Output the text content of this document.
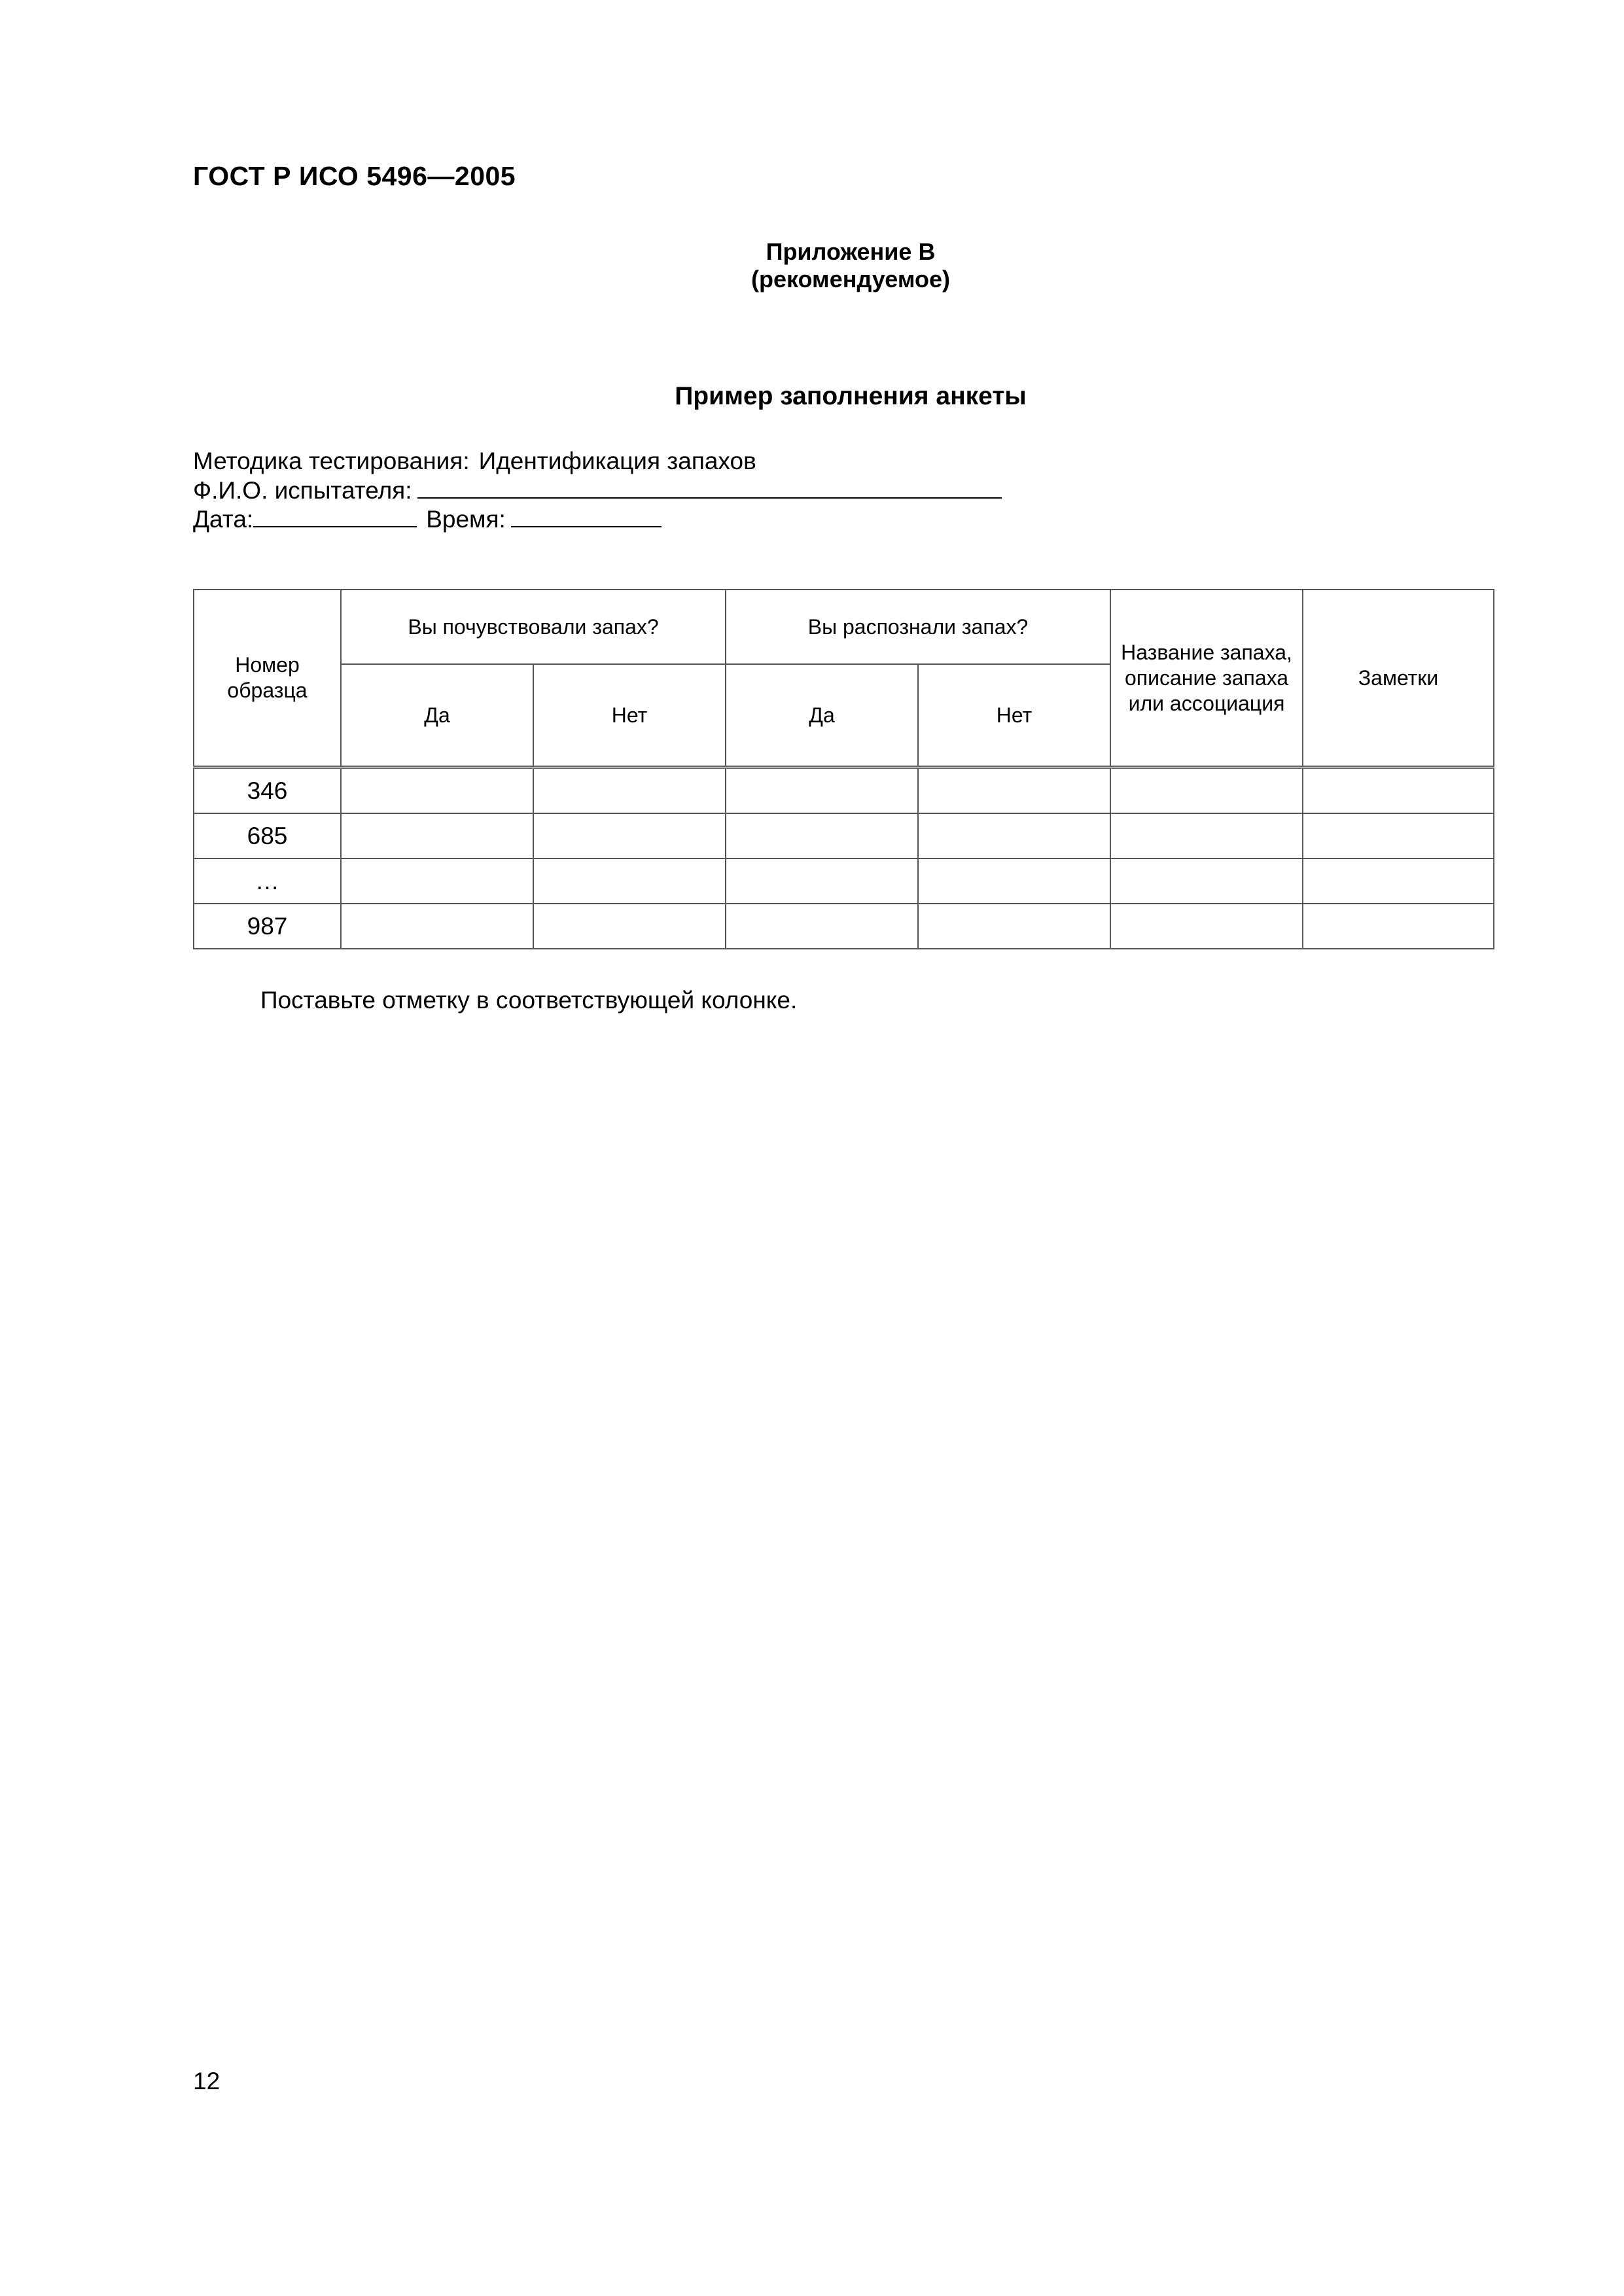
ГОСТ Р ИСО 5496—2005
Приложение В
(рекомендуемое)
Пример заполнения анкеты
Методика тестирования: Идентификация запахов
Ф.И.О. испытателя:
Дата:	Время:
Номер образца	Вы почувствовали запах?		Вы распознали запах?		Название запаха, описание запаха или ассоциация	Заметки
	Да	Нет	Да	Нет		
346						
685						
…						
987						
Поставьте отметку в соответствующей колонке.
12
